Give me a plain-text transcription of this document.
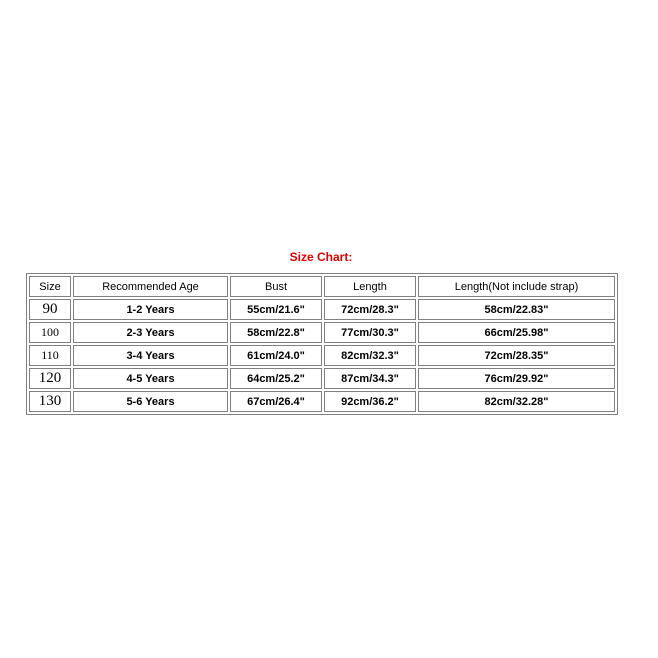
Size Chart:
Size	Recommended Age	Bust	Length	Length(Not include strap)
90	1-2 Years	55cm/21.6"	72cm/28.3"	58cm/22.83"
100	2-3 Years	58cm/22.8"	77cm/30.3"	66cm/25.98"
110	3-4 Years	61cm/24.0"	82cm/32.3"	72cm/28.35"
120	4-5 Years	64cm/25.2"	87cm/34.3"	76cm/29.92"
130	5-6 Years	67cm/26.4"	92cm/36.2"	82cm/32.28"
